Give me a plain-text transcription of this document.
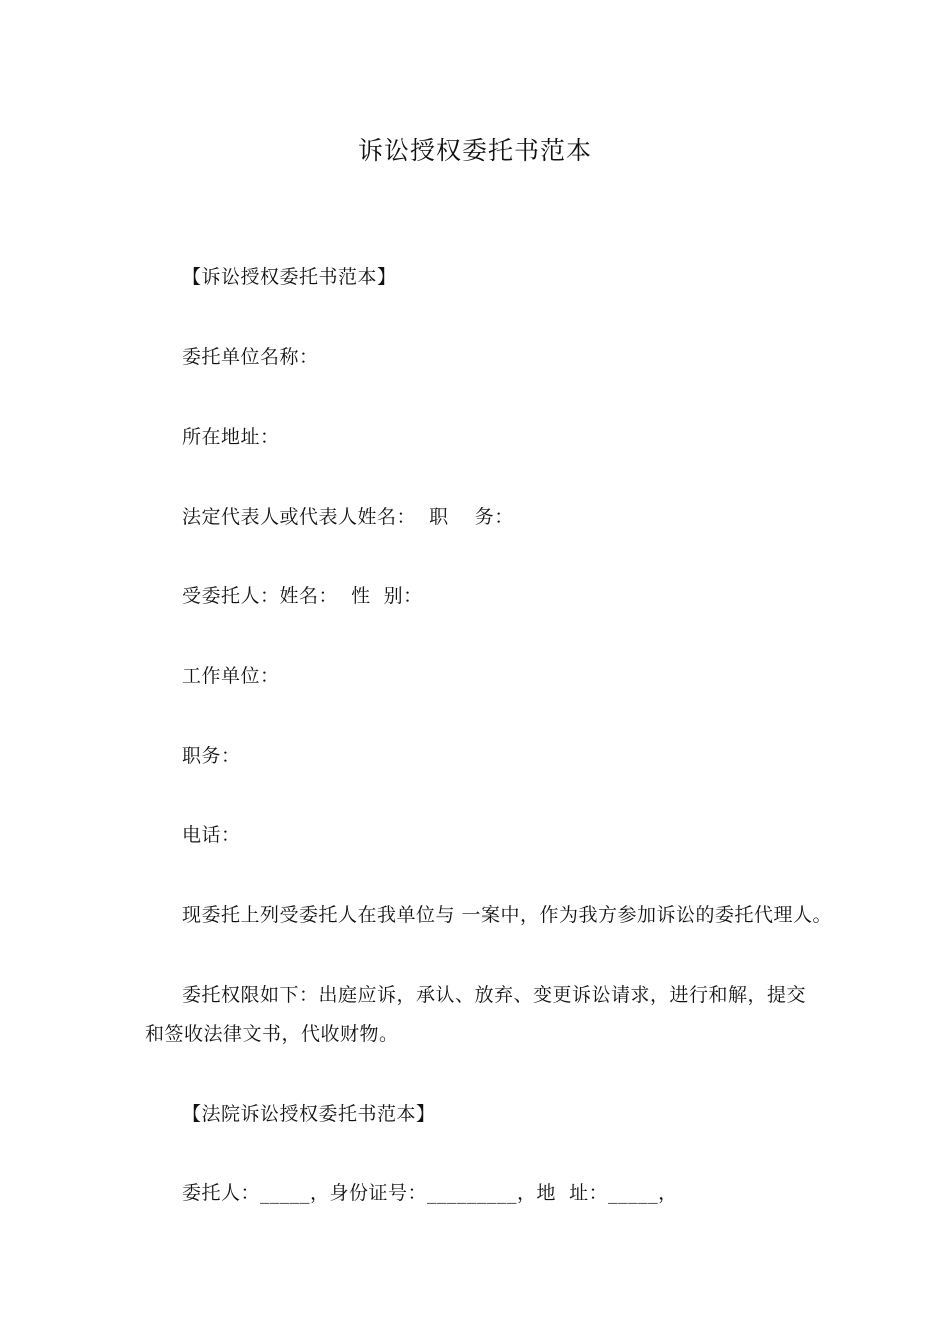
诉讼授权委托书范本
【诉讼授权委托书范本】
委托单位名称：
所在地址：
法定代表人或代表人姓名：  职    务：
受委托人：姓名：  性  别：
工作单位：
职务：
电话：
现委托上列受委托人在我单位与 一案中，作为我方参加诉讼的委托代理人。
委托权限如下：出庭应诉，承认、放弃、变更诉讼请求，进行和解，提交
和签收法律文书，代收财物。
【法院诉讼授权委托书范本】
委托人：_____，身份证号：_________，地  址：_____，
